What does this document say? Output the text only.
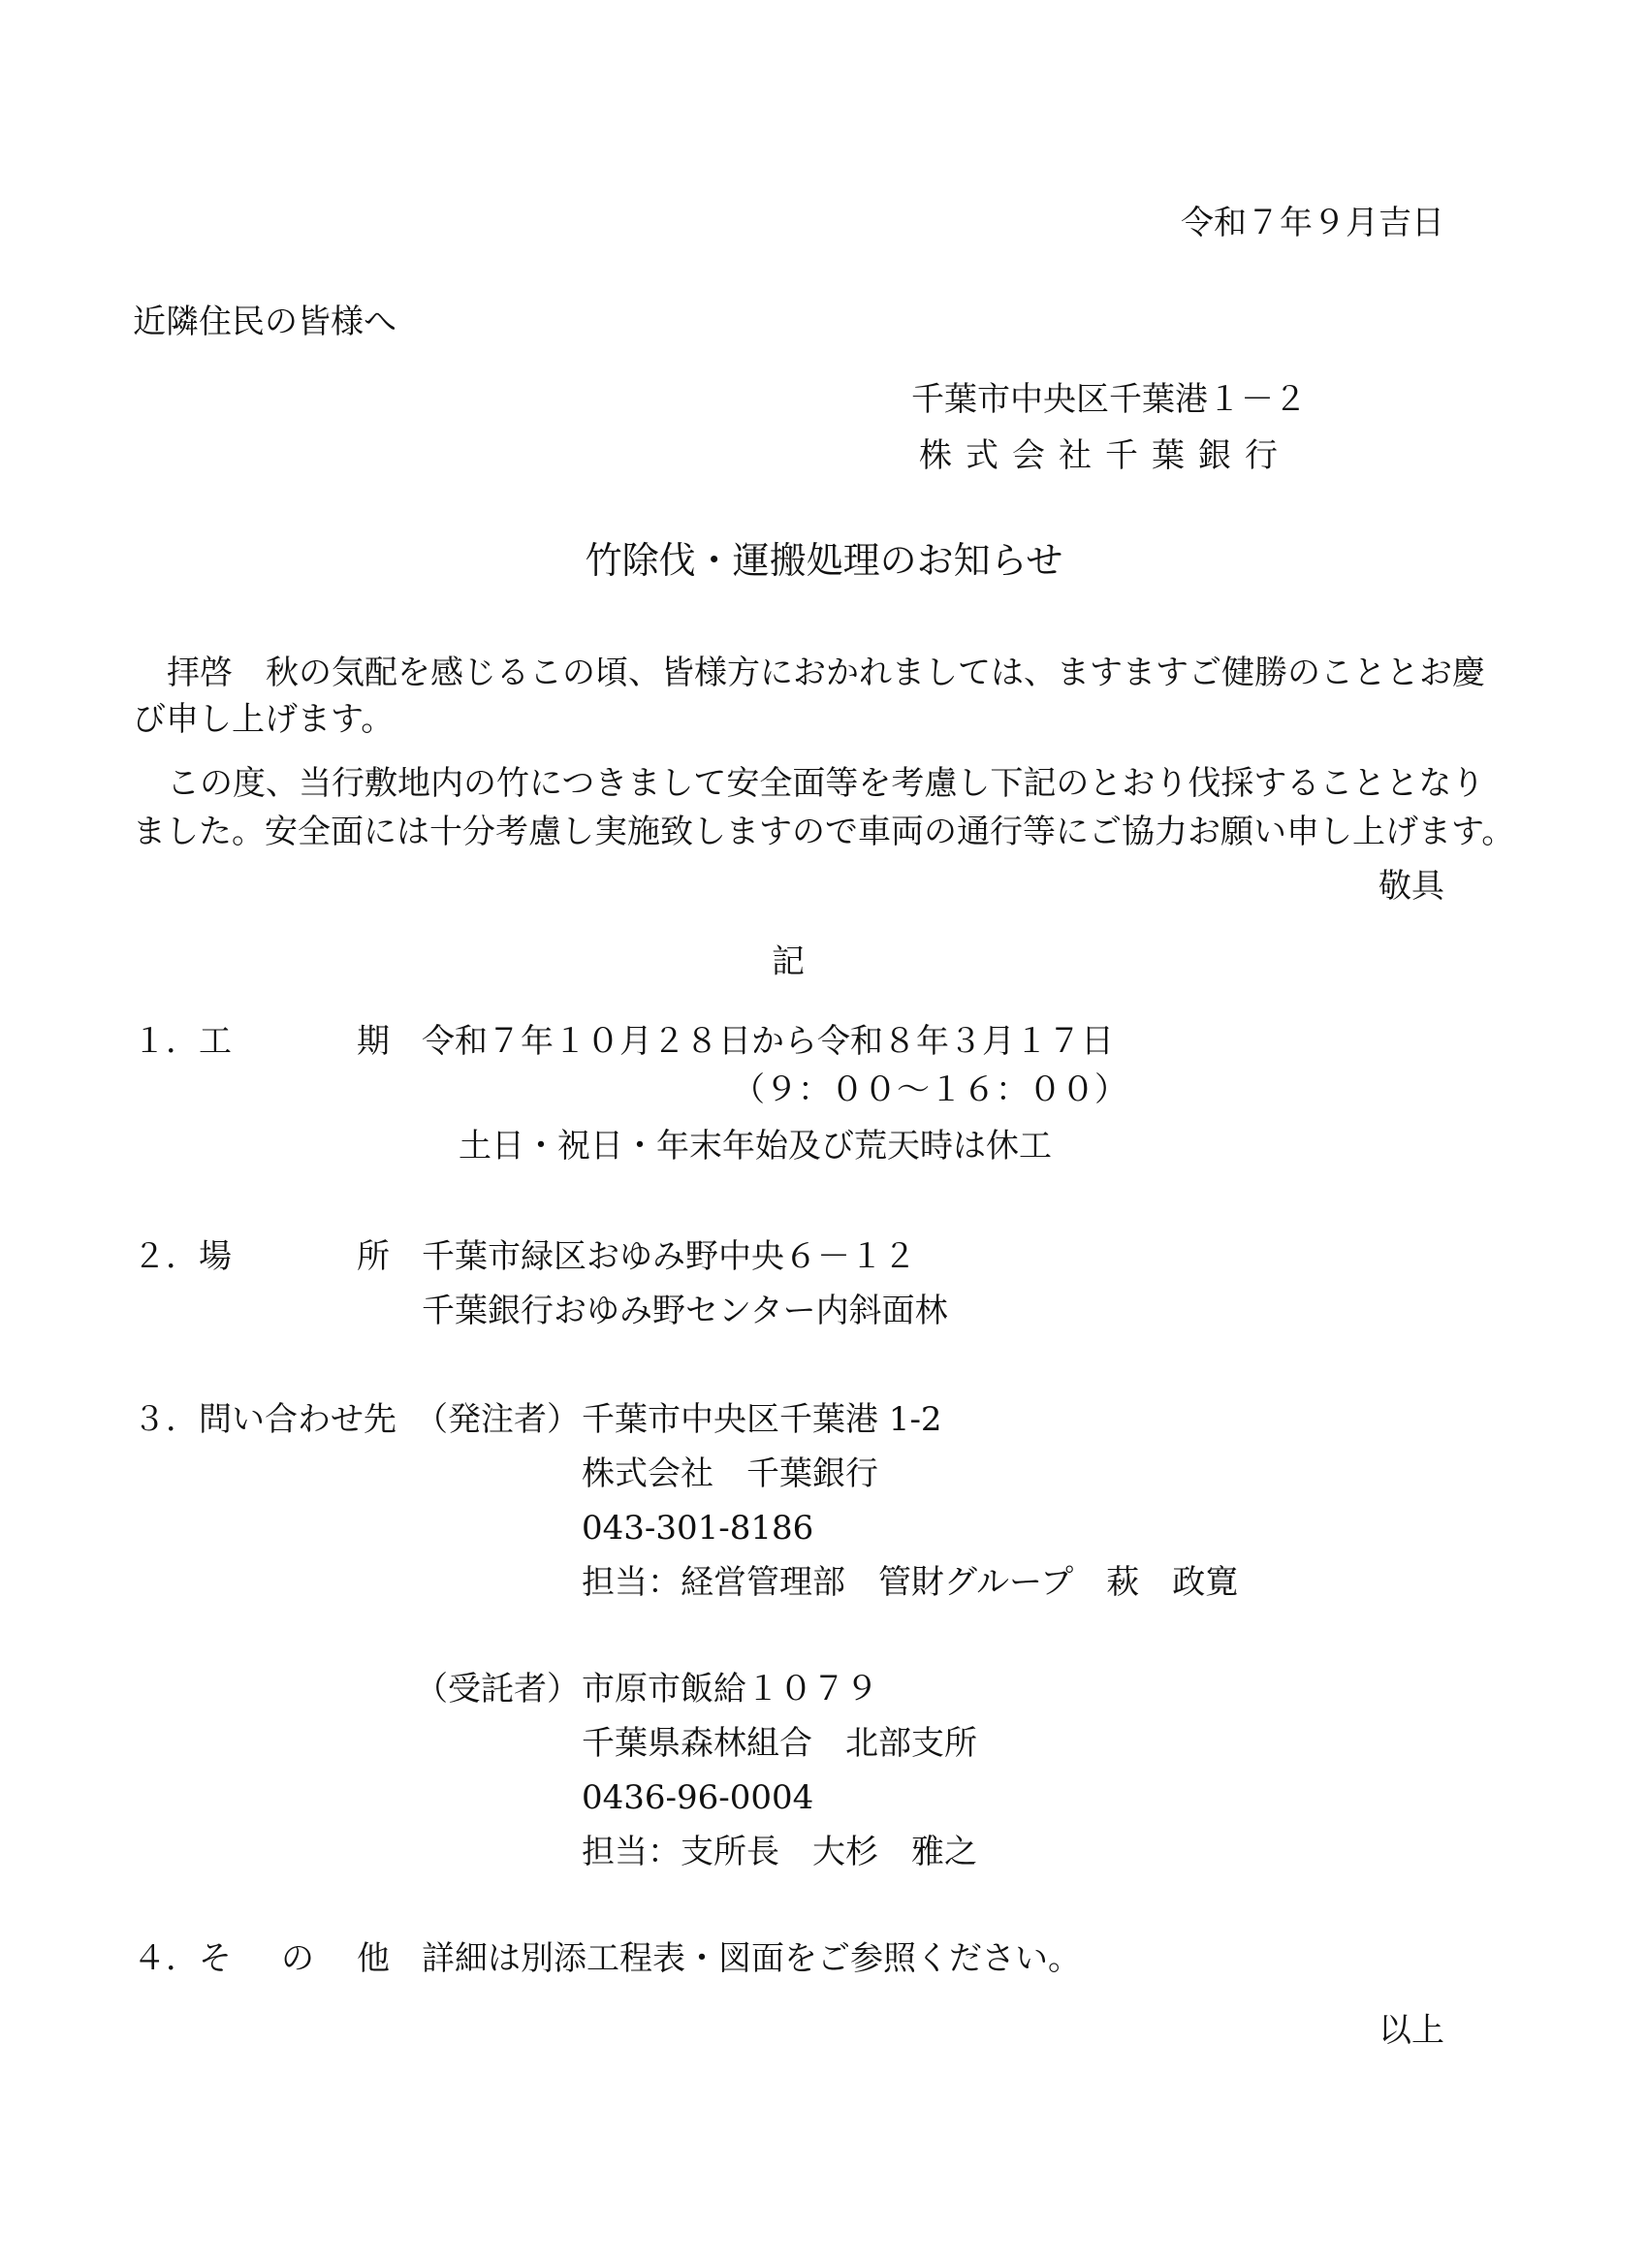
令和７年９月吉日
近隣住民の皆様へ
千葉市中央区千葉港１－２
株式会社千葉銀行
竹除伐・運搬処理のお知らせ
拝啓　秋の気配を感じるこの頃、皆様方におかれましては、ますますご健勝のこととお慶
び申し上げます。
この度、当行敷地内の竹につきまして安全面等を考慮し下記のとおり伐採することとなり
ました。安全面には十分考慮し実施致しますので車両の通行等にご協力お願い申し上げます。
敬具
記
１． 工	期 令和７年１０月２８日から令和８年３月１７日
（９：００～１６：００）
土日・祝日・年末年始及び荒天時は休工
２． 場	所 千葉市緑区おゆみ野中央６－１２
千葉銀行おゆみ野センター内斜面林
３． 問い合わせ先 （発注者） 千葉市中央区千葉港 1-2
株式会社　千葉銀行
043-301-8186
担当：経営管理部　管財グループ　萩　政寛
（受託者） 市原市飯給１０７９
千葉県森林組合　北部支所
0436-96-0004
担当：支所長　大杉　雅之
４． そ の 他 詳細は別添工程表・図面をご参照ください。
以上
